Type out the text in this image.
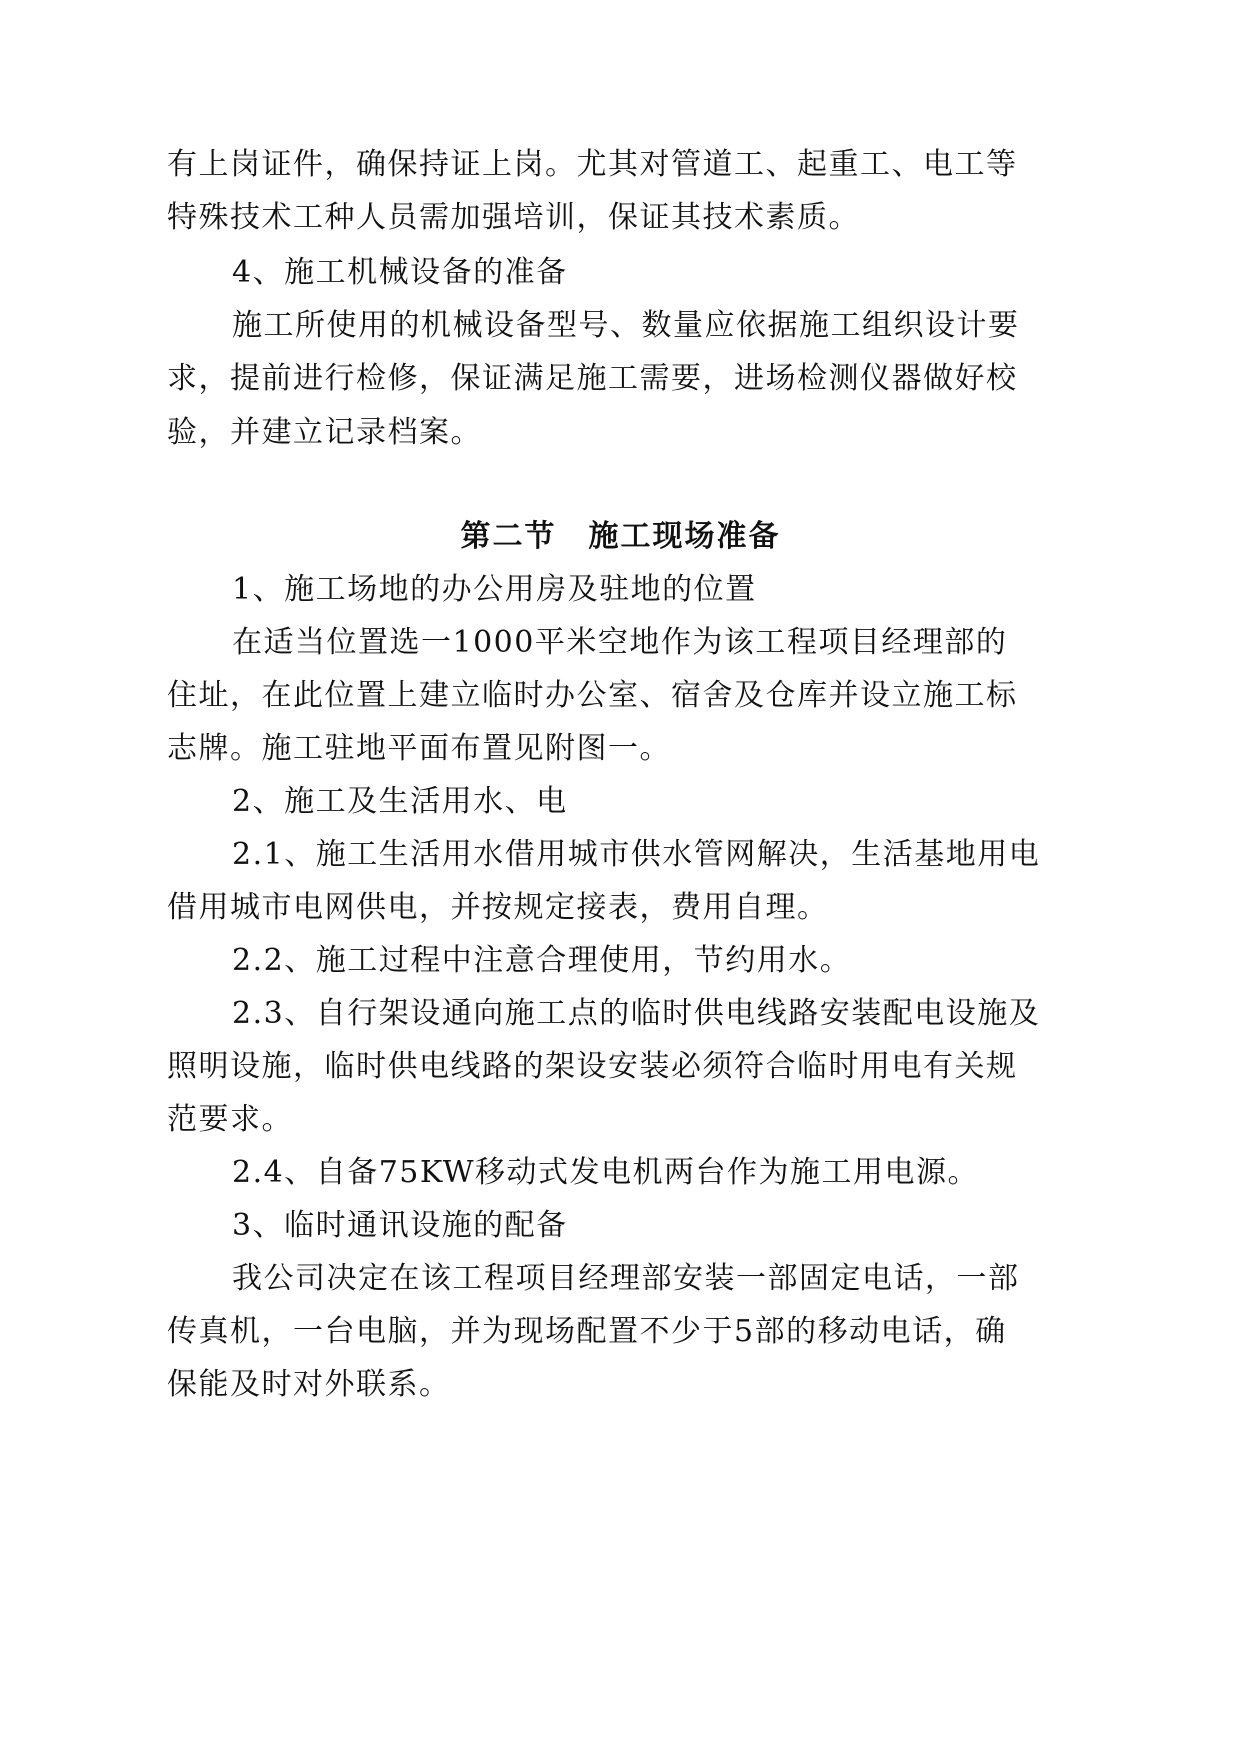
有上岗证件，确保持证上岗。尤其对管道工、起重工、电工等
特殊技术工种人员需加强培训，保证其技术素质。
4、施工机械设备的准备
施工所使用的机械设备型号、数量应依据施工组织设计要
求，提前进行检修，保证满足施工需要，进场检测仪器做好校
验，并建立记录档案。
第二节　施工现场准备
1、施工场地的办公用房及驻地的位置
在适当位置选一1000平米空地作为该工程项目经理部的
住址，在此位置上建立临时办公室、宿舍及仓库并设立施工标
志牌。施工驻地平面布置见附图一。
2、施工及生活用水、电
2.1、施工生活用水借用城市供水管网解决，生活基地用电
借用城市电网供电，并按规定接表，费用自理。
2.2、施工过程中注意合理使用，节约用水。
2.3、自行架设通向施工点的临时供电线路安装配电设施及
照明设施，临时供电线路的架设安装必须符合临时用电有关规
范要求。
2.4、自备75KW移动式发电机两台作为施工用电源。
3、临时通讯设施的配备
我公司决定在该工程项目经理部安装一部固定电话，一部
传真机，一台电脑，并为现场配置不少于5部的移动电话，确
保能及时对外联系。
